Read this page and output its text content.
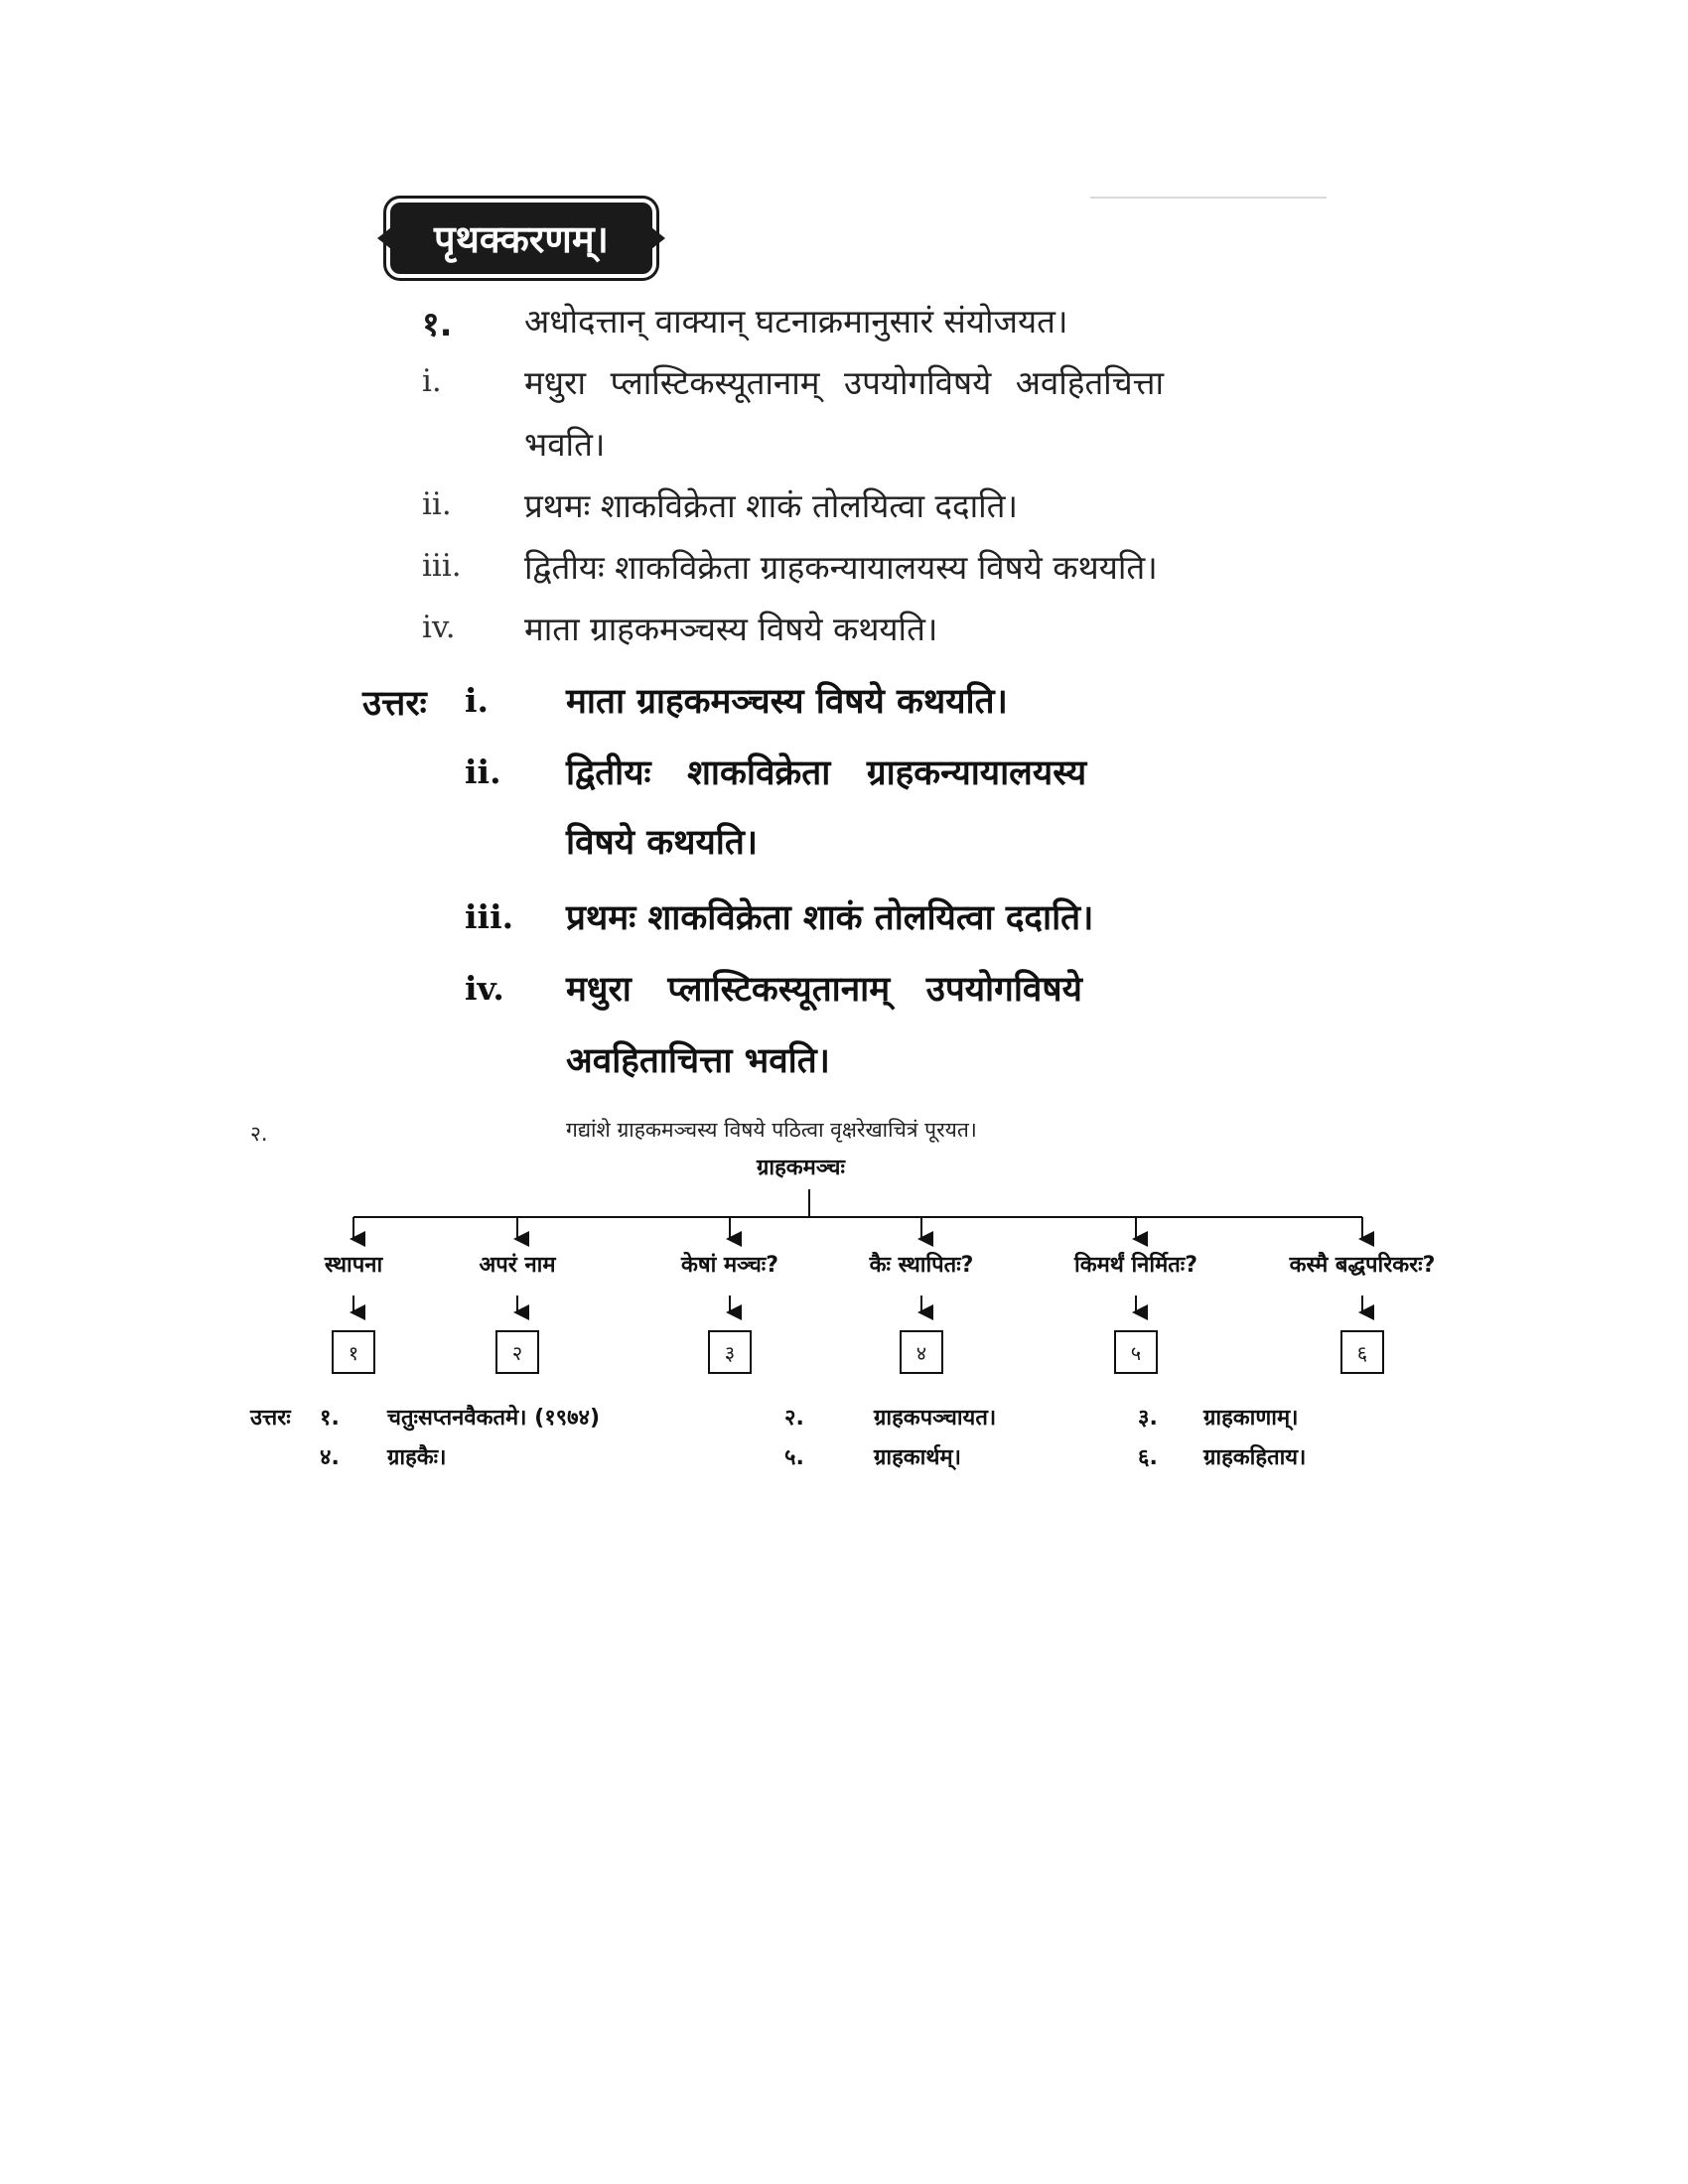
पृथक्करणम्।
१. अधोदत्तान् वाक्यान् घटनाक्रमानुसारं संयोजयत।
i.	मधुरा प्लास्टिकस्यूतानाम् उपयोगविषये अवहितचित्ता
भवति।
ii. प्रथमः शाकविक्रेता शाकं तोलयित्वा ददाति।
iii. द्वितीयः शाकविक्रेता ग्राहकन्यायालयस्य विषये कथयति।
iv. माता ग्राहकमञ्चस्य विषये कथयति।
उत्तरः i. माता ग्राहकमञ्चस्य विषये कथयति।
ii. द्वितीयः   शाकविक्रेता   ग्राहकन्यायालयस्य
विषये कथयति।
iii. प्रथमः शाकविक्रेता शाकं तोलयित्वा ददाति।
iv. मधुरा   प्लास्टिकस्यूतानाम्   उपयोगविषये
अवहिताचित्ता भवति।
२.	गद्यांशे ग्राहकमञ्चस्य विषये पठित्वा वृक्षरेखाचित्रं पूरयत।
ग्राहकमञ्चः
स्थापना	अपरं नाम	केषां मञ्चः?	कैः स्थापितः?	किमर्थं निर्मितः?	कस्मै बद्धपरिकरः?
१	२	३	४	५	६
उत्तरः १. चतुःसप्तनवैकतमे। (१९७४)	२.	ग्राहकपञ्चायत।	३. ग्राहकाणाम्।
४. ग्राहकैः।	५.	ग्राहकार्थम्।	६. ग्राहकहिताय।
